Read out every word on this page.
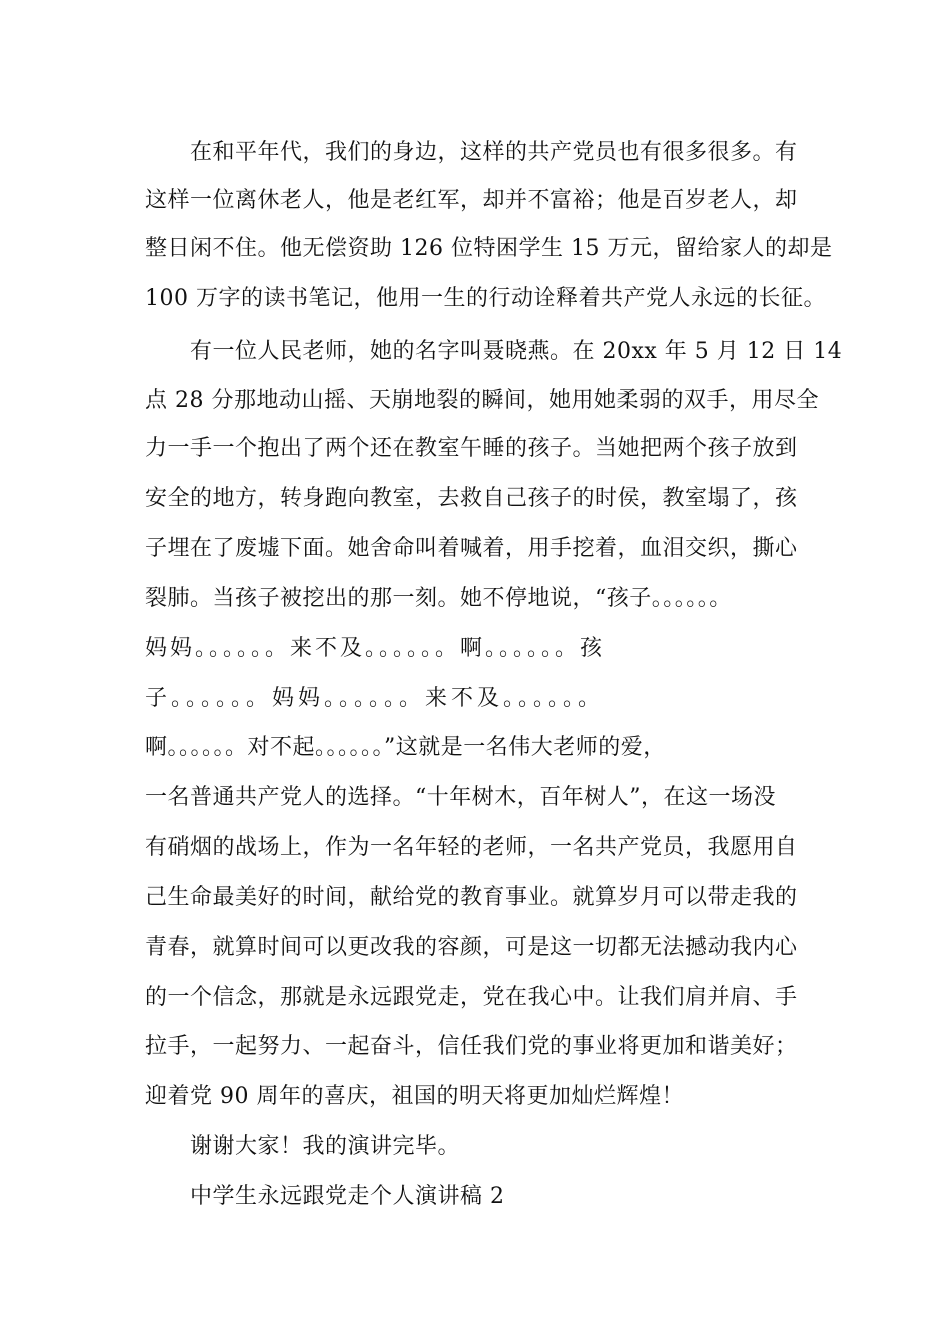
在和平年代，我们的身边，这样的共产党员也有很多很多。有
这样一位离休老人，他是老红军，却并不富裕；他是百岁老人，却
整日闲不住。他无偿资助 126 位特困学生 15 万元，留给家人的却是
100 万字的读书笔记，他用一生的行动诠释着共产党人永远的长征。
有一位人民老师，她的名字叫聂晓燕。在 20xx 年 5 月 12 日 14
点 28 分那地动山摇、天崩地裂的瞬间，她用她柔弱的双手，用尽全
力一手一个抱出了两个还在教室午睡的孩子。当她把两个孩子放到
安全的地方，转身跑向教室，去救自己孩子的时侯，教室塌了，孩
子埋在了废墟下面。她舍命叫着喊着，用手挖着，血泪交织，撕心
裂肺。当孩子被挖出的那一刻。她不停地说，“孩子。。。。。。
妈妈。。。。。。来不及。。。。。。啊。。。。。。孩
子。。。。。。妈妈。。。。。。来不及。。。。。。
啊。。。。。。对不起。。。。。。”这就是一名伟大老师的爱，
一名普通共产党人的选择。“十年树木，百年树人”，在这一场没
有硝烟的战场上，作为一名年轻的老师，一名共产党员，我愿用自
己生命最美好的时间，献给党的教育事业。就算岁月可以带走我的
青春，就算时间可以更改我的容颜，可是这一切都无法撼动我内心
的一个信念，那就是永远跟党走，党在我心中。让我们肩并肩、手
拉手，一起努力、一起奋斗，信任我们党的事业将更加和谐美好；
迎着党 90 周年的喜庆，祖国的明天将更加灿烂辉煌！
谢谢大家！我的演讲完毕。
中学生永远跟党走个人演讲稿 2
